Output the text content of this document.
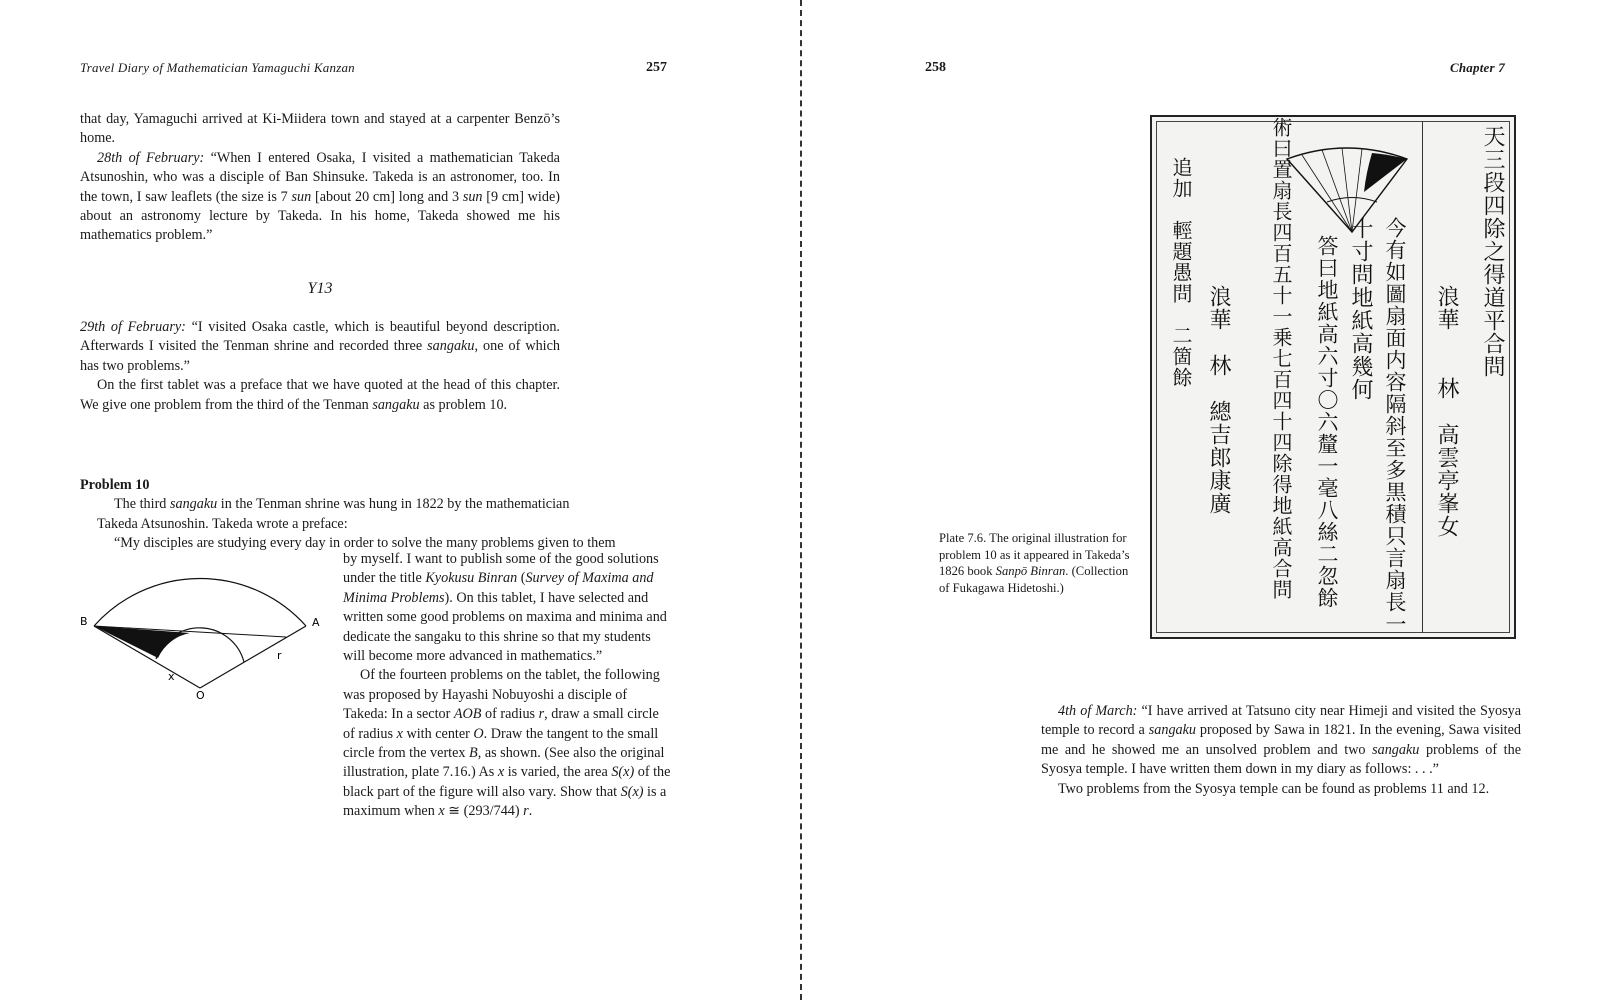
Travel Diary of Mathematician Yamaguchi Kanzan	257

that day, Yamaguchi arrived at Ki-Miidera town and stayed at a carpenter Benzō’s home.

28th of February: “When I entered Osaka, I visited a mathematician Takeda Atsunoshin, who was a disciple of Ban Shinsuke. Takeda is an astronomer, too. In the town, I saw leaflets (the size is 7 sun [about 20 cm] long and 3 sun [9 cm] wide) about an astronomy lecture by Takeda. In his home, Takeda showed me his mathematics problem.”

Y13

29th of February: “I visited Osaka castle, which is beautiful beyond description. Afterwards I visited the Tenman shrine and recorded three sangaku, one of which has two problems.”

On the first tablet was a preface that we have quoted at the head of this chapter. We give one problem from the third of the Tenman sangaku as problem 10.

Problem 10

The third sangaku in the Tenman shrine was hung in 1822 by the mathematician

Takeda Atsunoshin. Takeda wrote a preface:

“My disciples are studying every day in order to solve the many problems given to them

B	A
r
x
O

by myself. I want to publish some of the good solutions under the title Kyokusu Binran (Survey of Maxima and Minima Problems). On this tablet, I have selected and written some good problems on maxima and minima and dedicate the sangaku to this shrine so that my students will become more advanced in mathematics.”

Of the fourteen problems on the tablet, the following was proposed by Hayashi Nobuyoshi a disciple of Takeda: In a sector AOB of radius r, draw a small circle of radius x with center O. Draw the tangent to the small circle from the vertex B, as shown. (See also the original illustration, plate 7.16.) As x is varied, the area S(x) of the black part of the figure will also vary. Show that S(x) is a maximum when x ≅ (293/744) r.

258	Chapter 7
Plate 7.6. The original illustration for problem 10 as it appeared in Takeda’s 1826 book Sanpō Binran. (Collection of Fukagawa Hidetoshi.)

4th of March: “I have arrived at Tatsuno city near Himeji and visited the Syosya temple to record a sangaku proposed by Sawa in 1821. In the evening, Sawa visited me and he showed me an unsolved problem and two sangaku problems of the Syosya temple. I have written them down in my diary as follows: . . .”

Two problems from the Syosya temple can be found as problems 11 and 12.

天三段四除之得道平合問
浪華　　林　高雲亭峯女
今有如圖扇面内容隔斜至多黒積只言扇長一
十寸問地紙高幾何
答曰地紙高六寸〇六釐一毫八絲二忽餘
術曰置扇長四百五十一乗七百四十四除得地紙高合問
浪華　林　總吉郎康廣
追加　輕題愚問　二箇餘
